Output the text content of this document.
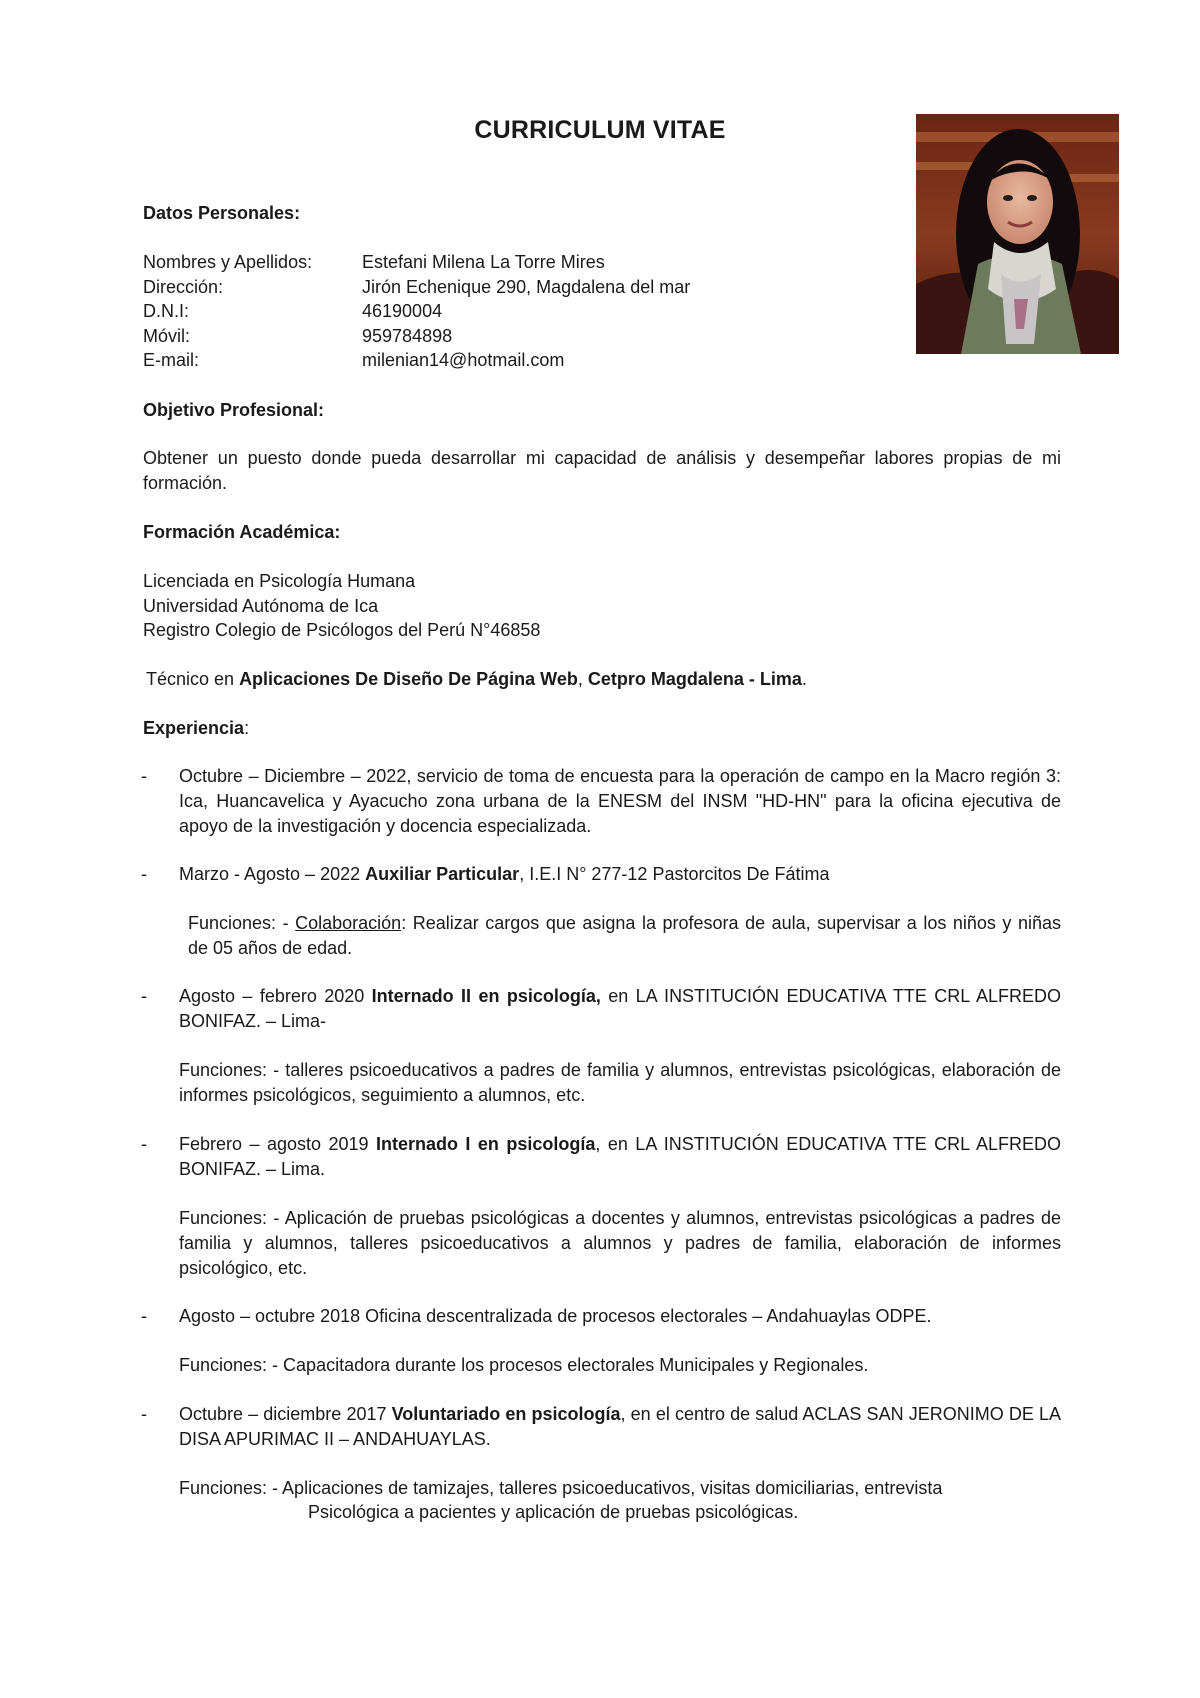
CURRICULUM VITAE
Datos Personales:
Nombres y Apellidos:	Estefani Milena La Torre Mires
Dirección:	Jirón Echenique 290, Magdalena del mar
D.N.I:	46190004
Móvil:	959784898
E-mail:	milenian14@hotmail.com
Objetivo Profesional:
Obtener un puesto donde pueda desarrollar mi capacidad de análisis y desempeñar labores propias de mi formación.
Formación Académica:
Licenciada en Psicología Humana
Universidad Autónoma de Ica
Registro Colegio de Psicólogos del Perú N°46858
Técnico en Aplicaciones De Diseño De Página Web, Cetpro Magdalena - Lima.
Experiencia:
- Octubre – Diciembre – 2022, servicio de toma de encuesta para la operación de campo en la Macro región 3: Ica, Huancavelica y Ayacucho zona urbana de la ENESM del INSM "HD-HN" para la oficina ejecutiva de apoyo de la investigación y docencia especializada.
- Marzo - Agosto – 2022 Auxiliar Particular, I.E.I N° 277-12 Pastorcitos De Fátima
Funciones: - Colaboración: Realizar cargos que asigna la profesora de aula, supervisar a los niños y niñas de 05 años de edad.
- Agosto – febrero 2020 Internado II en psicología, en LA INSTITUCIÓN EDUCATIVA TTE CRL ALFREDO BONIFAZ. – Lima-
Funciones: - talleres psicoeducativos a padres de familia y alumnos, entrevistas psicológicas, elaboración de informes psicológicos, seguimiento a alumnos, etc.
- Febrero – agosto 2019 Internado I en psicología, en LA INSTITUCIÓN EDUCATIVA TTE CRL ALFREDO BONIFAZ. – Lima.
Funciones: - Aplicación de pruebas psicológicas a docentes y alumnos, entrevistas psicológicas a padres de familia y alumnos, talleres psicoeducativos a alumnos y padres de familia, elaboración de informes psicológico, etc.
- Agosto – octubre 2018 Oficina descentralizada de procesos electorales – Andahuaylas ODPE.
Funciones: - Capacitadora durante los procesos electorales Municipales y Regionales.
- Octubre – diciembre 2017 Voluntariado en psicología, en el centro de salud ACLAS SAN JERONIMO DE LA DISA APURIMAC II – ANDAHUAYLAS.
Funciones: - Aplicaciones de tamizajes, talleres psicoeducativos, visitas domiciliarias, entrevista
Psicológica a pacientes y aplicación de pruebas psicológicas.
